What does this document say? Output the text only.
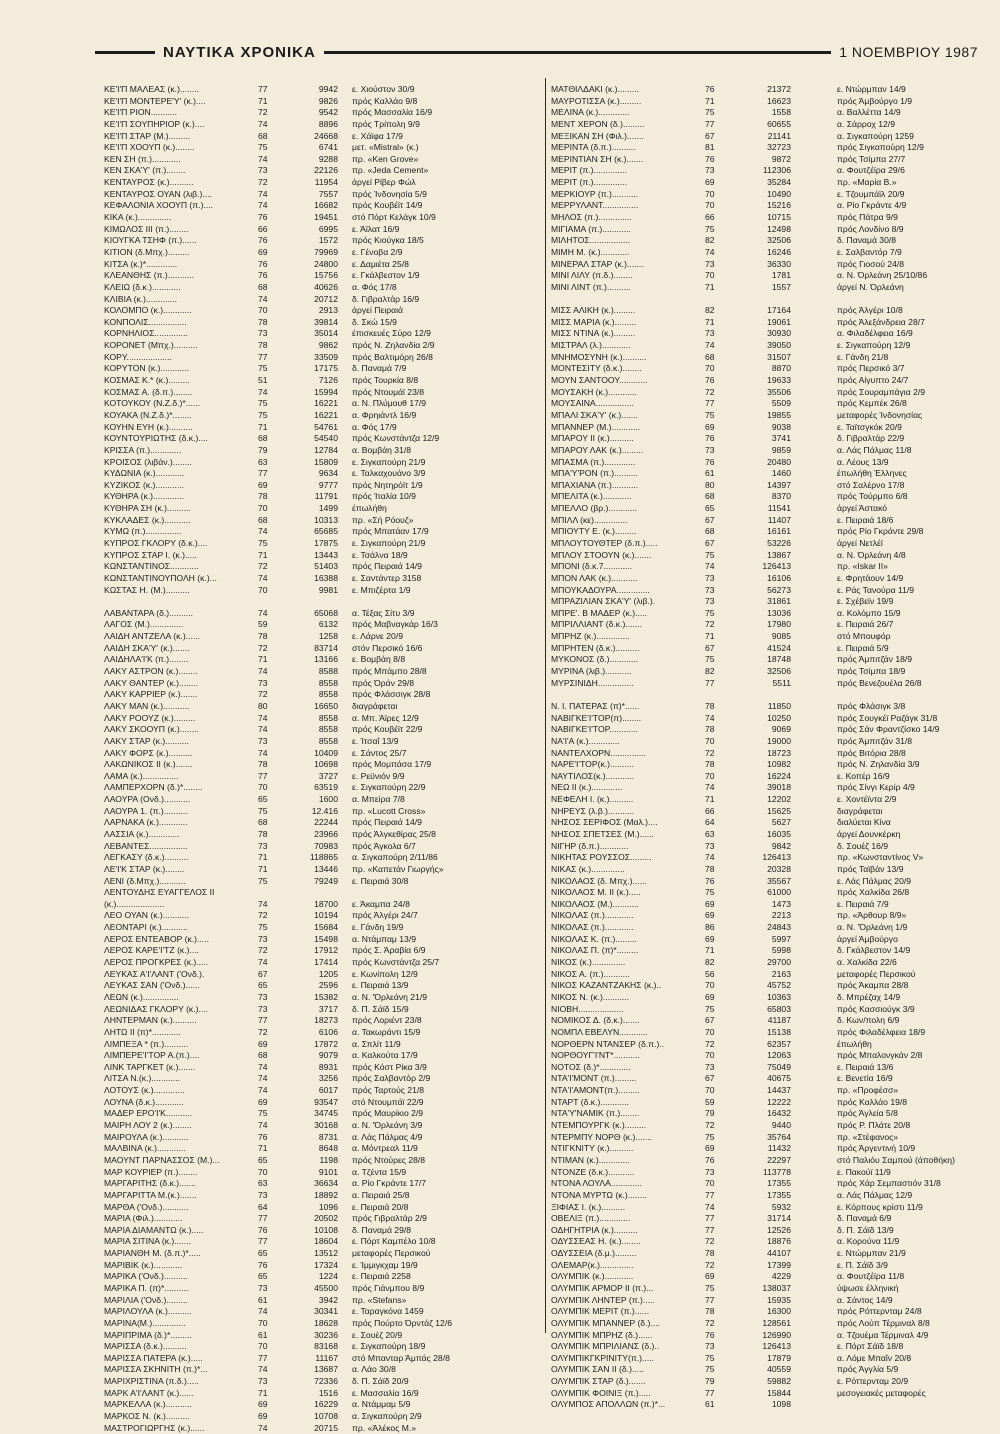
ΝΑΥΤΙΚΑ ΧΡΟΝΙΚΑ	1 ΝΟΕΜΒΡΙΟΥ 1987
ΚΕ'Ι'Π ΜΑΛΕΑΣ (κ.)........	77	9942	ε. Χιούστον 30/9
ΚΕ'Ι'Π ΜΟΝΤΕΡΕ'Υ' (κ.)....	71	9826	πρός Καλλάο 9/8
ΚΕ'Ι'Π ΡΙΟΝ...........	72	9542	πρός Μασσαλία 16/9
ΚΕ'Ι'Π ΣΟΥΠΗΡΙΟΡ (κ.)....	74	8896	πρός Τρίπολη 9/9
ΚΕ'Ι'Π ΣΤΑΡ (Μ.).........	68	24668	ε. Χάϊφα 17/9
ΚΕ'Ι'Π ΧΟΟΥΠ (κ.)........	75	6741	μετ. «Mistral» (κ.)
ΚΕΝ ΣΗ (π.)............	74	9288	πρ. «Ken Grove»
ΚΕΝ ΣΚΑ'Υ' (π.)........	73	22126	πρ. «Jeda Cement»
ΚΕΝΤΑΥΡΟΣ (κ.)..........	72	11954	άργεί Ρίβερ Φώλ
ΚΕΝΤΑΥΡΟΣ ΟΥΑΝ (λιβ.)....	74	7557	πρός Ίνδονησία 5/9
ΚΕΦΑΛΟΝΙΑ ΧΟΟΥΠ (π.)....	74	16682	πρός Κουβέϊτ 14/9
ΚΙΚΑ (κ.)..............	76	19451	στό Πόρτ Κελάγκ 10/9
ΚΙΜΩΛΟΣ ΙΙΙ (π.)........	66	6995	ε. Άϊλατ 16/9
ΚΙΟΥΓΚΑ ΤΣΗΦ (π.)......	76	1572	πρός Κιούγκα 18/5
ΚΙΤΙΟΝ (δ.Μπχ.).........	69	79969	ε. Γένοβα 2/9
ΚΙΤΣΑ (κ.)*.............	76	24800	ε. Δαμιέτα 25/8
ΚΛΕΑΝΘΗΣ (π.)...........	76	15756	ε. Γκάλβεστον 1/9
ΚΛΕΙΩ (δ.κ.)............	68	40626	α. Φός 17/8
ΚΛΙΒΙΑ (κ.).............	74	20712	δ. Γιβραλτάρ 16/9
ΚΟΛΟΜΠΟ (κ.)............	70	2913	άργεί Πειραιά
ΚΟΝΠΟΛΙΣ................	78	39814	δ. Σκώ 15/9
ΚΟΡΝΗΛΙΟΣ..............	73	35014	έπισκευές Σύρο 12/9
ΚΟΡΟΝΕΤ (Μπχ.)..........	78	9862	πρός Ν. Ζηλανδία 2/9
ΚΟΡΥ...................	77	33509	πρός Βαλτιμόρη 26/8
ΚΟΡΥΤΟΝ (κ.)............	75	17175	δ. Παναμά 7/9
ΚΟΣΜΑΣ Κ.* (κ.).........	51	7126	πρός Τουρκία 8/8
ΚΟΣΜΑΣ Α. (δ.π.)........	74	15994	πρός Ντουμάϊ 23/8
ΚΟΤΟΥΚΟΥ (Ν.Ζ.δ.)*......	75	16221	α. Ν. Πλύμουθ 17/9
ΚΟΥΑΚΑ (Ν.Ζ.δ.)*........	75	16221	α. Φρηιάντλ 16/9
ΚΟΥΗΝ ΕΥΗ (κ.)..........	71	54761	α. Φός 17/9
ΚΟΥΝΤΟΥΡΙΩΤΗΣ (δ.κ.)....	68	54540	πρός Κωνστάντζα 12/9
ΚΡΙΣΣΑ (π.).............	79	12784	α. Βομβάη 31/8
ΚΡΟΙΣΟΣ (λιβάν.)........	63	15809	ε. Σιγκαπούρη 21/9
ΚΥΔΩΝΙΑ (κ.)............	77	9634	ε. Ταλκαχουάνο 3/9
ΚΥΖΙΚΟΣ (κ.)............	69	9777	πρός Νητηρόϊτ 1/9
ΚΥΘΗΡΑ (κ.).............	78	11791	πρός Ίταλία 10/9
ΚΥΘΗΡΑ ΣΗ (κ.)..........	70	1499	έπωλήθη
ΚΥΚΛΑΔΕΣ (κ.)...........	68	10313	πρ. «Σή Ρόουζ»
ΚΥΜΩ (π.)...............	74	65685	πρός Μπατάαν 17/9
ΚΥΠΡΟΣ ΓΚΛΟΡΥ (δ.κ.)....	75	17875	ε. Σιγκαπούρη 21/9
ΚΥΠΡΟΣ ΣΤΑΡ Ι. (κ.).....	71	13443	ε. Τσάλνα 18/9
ΚΩΝΣΤΑΝΤΙΝΟΣ............	72	51403	πρός Πειραιά 14/9
ΚΩΝΣΤΑΝΤΙΝΟΥΠΟΛΗ (κ.)...	74	16388	ε. Σαντάντερ 3158
ΚΩΣΤΑΣ Η. (Μ.)..........	70	9981	ε. Μπιζέρτα 1/9
ΛΑΒΑΝΤΑΡΑ (δ.)..........	74	65068	α. Τέξας Σίτυ 3/9
ΛΑΓΟΣ (Μ.)..............	59	6132	πρός Μαβναγκάρ 16/3
ΛΑΙΔΗ ΑΝΤΖΕΛΑ (κ.)......	78	1258	ε. Λάρνε 20/9
ΛΑΙΔΗ ΣΚΑ'Υ' (κ.).......	72	83714	στόν Περσικό 16/6
ΛΑΙΔΗΛΑ'Ι'Κ (π.)........	71	13166	ε. Βομβάη 8/8
ΛΑΚΥ ΑΣΤΡΟΝ (κ.)........	74	8588	πρός Μπάμπο 28/8
ΛΑΚΥ ΘΑΝΤΕΡ (κ.)........	73	8558	πρός Όράν 29/8
ΛΑΚΥ ΚΑΡΡΙΕΡ (κ.).......	72	8558	πρός Φλάσσιγκ 28/8
ΛΑΚΥ ΜΑΝ (κ.)...........	80	16650	διαγράφεται
ΛΑΚΥ ΡΟΟΥΖ (κ.).........	74	8558	α. Μπ. Άϊρες 12/9
ΛΑΚΥ ΣΚΟΟΥΠ (κ.)........	74	8558	πρός Κουβέϊτ 22/9
ΛΑΚΥ ΣΤΑΡ (κ.)..........	73	8558	ε. Ίτσαΐ 13/9
ΛΑΚΥ ΦΟΡΣ (κ.)..........	74	10409	ε. Σάντος 25/7
ΛΑΚΩΝΙΚΟΣ ΙΙ (κ.).......	78	10698	πρός Μομπάσα 17/9
ΛΑΜΑ (κ.)...............	77	3727	ε. Ρεϋνιόν 9/9
ΛΑΜΠΕΡΧΟΡΝ (δ.)*........	70	63519	ε. Σιγκαπούρη 22/9
ΛΑΟΥΡΑ (Ονδ.)...........	65	1600	α. Μπείρα 7/8
ΛΑΟΥΡΑ 1. (π.)..........	75	12.416	πρ. «Lucott Cross»
ΛΑΡΝΑΚΑ (κ.)............	68	22244	πρός Πειραιά 14/9
ΛΑΣΣΙΑ (κ.).............	78	23966	πρός Άλγκεθίρας 25/8
ΛΕΒΑΝΤΕΣ................	73	70983	πρός Άγκολα 6/7
ΛΕΓΚΑΣΥ (δ.κ.)..........	71	118865	α. Σιγκαπούρη 2/11/86
ΛΕ'Ι'Κ ΣΤΑΡ (κ.)........	71	13446	πρ. «Καπετάν Γιωργής»
ΛΕΝΙ (δ.Μπχ.)...........	75	79249	ε. Πειραιά 30/8
ΛΕΝΤΟΥΔΗΣ ΕΥΑΓΓΕΛΟΣ ΙΙ
(κ.)....................	74	18700	ε. Άκαμπα 24/8
ΛΕΟ ΟΥΑΝ (κ.)...........	72	10194	πρός Άλγέρι 24/7
ΛΕΟΝΤΑΡΙ (κ.)...........	75	15684	ε. Γάνδη 19/9
ΛΕΡΟΣ ΕΝΤΕΑΒΟΡ (κ.).....	73	15498	α. Ντάμπαμ 13/9
ΛΕΡΟΣ ΚΑΡΕ'Ι'ΤΖ (κ.)....	72	17912	πρός Σ. Άραβία 6/9
ΛΕΡΟΣ ΠΡΟΓΚΡΕΣ (κ.).....	74	17414	πρός Κωνστάντζα 25/7
ΛΕΥΚΑΣ Α'Ι'ΛΑΝΤ ('Ονδ.).	67	1205	ε. Κωνίπολη 12/9
ΛΕΥΚΑΣ ΣΑΝ ('Ονδ.)......	65	2596	ε. Πειραιά 13/9
ΛΕΩΝ (κ.)...............	73	15382	α. Ν. 'Όρλεάνη 21/9
ΛΕΩΝΙΔΑΣ ΓΚΛΟΡΥ (κ.)....	73	3717	δ. Π. Σάϊδ 15/9
ΛΗΝΤΕΡΜΑΝ (κ.)..........	77	18273	πρός Λοριέντ 23/8
ΛΗΤΩ ΙΙ (π)*............	72	6106	α. Τακωράντι 15/9
ΛΙΜΠΕΞΑ * (π.)..........	69	17872	α. Σπλίτ 11/9
ΛΙΜΠΕΡΕ'Ι'ΤΟΡ Α.(π.)....	68	9079	α. Καλκούτα 17/9
ΛΙΝΚ ΤΑΡΓΚΕΤ (κ.).......	74	8931	πρός Κόστ Ρίκα 3/9
ΛΙΤΣΑ Ν.(κ.)............	74	3256	πρός Σαλβαντόρ 2/9
ΛΟΤΟΥΣ (κ.).............	74	6017	πρός Ταρτούς 21/8
ΛΟΥΝΑ (δ.κ.)............	69	93547	στό Ντουμπάϊ 22/9
ΜΑΔΕΡ ΕΡΟ'Ι'Κ...........	75	34745	πρός Μαυρίκιο 2/9
ΜΑΙΡΗ ΛΟΥ 2 (κ.)........	74	30168	α. Ν. 'Όρλεάνη 3/9
ΜΑΙΡΟΥΛΑ (κ.)...........	76	8731	α. Λάς Πάλμας 4/9
ΜΑΛΒΙΝΑ (κ.)............	71	8648	α. Μόντρεαλ 11/9
ΜΑΟΥΝΤ ΠΑΡΝΑΣΣΟΣ (Μ.)...	65	1198	πρός Ντούρες 28/8
ΜΑΡ ΚΟΥΡΙΕΡ (π.)........	70	9101	α. Τζέντα 15/9
ΜΑΡΓΑΡΙΤΗΣ (δ.κ.).......	63	36634	α. Ρίο Γκράντε 17/7
ΜΑΡΓΑΡΙΤΤΑ Μ.(κ.).......	73	18892	α. Πειραιά 25/8
ΜΑΡΘΑ ('Ονδ.)...........	64	1096	ε. Πειραιά 20/8
ΜΑΡΙΑ (Φιλ.)............	77	20502	πρός Γιβραλτάρ 2/9
ΜΑΡΙΑ ΔΙΑΜΑΝΤΩ (κ.).....	76	10108	δ. Παναμά 29/8
ΜΑΡΙΑ ΣΙΤΙΝΑ (κ.).......	77	18604	ε. Πόρτ Καμπέλο 10/8
ΜΑΡΙΑΝΘΗ Μ. (δ.π.)*.....	65	13512	μεταφορές Περσικού
ΜΑΡΙΒΙΚ (κ.)............	76	17324	ε. Ίμμιγκχαμ 19/9
ΜΑΡΙΚΑ ('Ονδ.)..........	65	1224	ε. Πειραιά 2258
ΜΑΡΙΚΑ Π. (π)*..........	73	45500	πρός Γιάνμπου 8/9
ΜΑΡΙΛΙΑ ('Ονδ.).........	61	3942	πρ. «Stefans»
ΜΑΡΙΛΟΥΛΑ (κ.)..........	74	30341	ε. Ταραγκόνα 1459
ΜΑΡΙΝΑ(Μ.)..............	70	18628	πρός Πούρτο Όρντάζ 12/6
ΜΑΡΙΠΡΙΜΑ (δ.)*.........	61	30236	ε. Σουέζ 20/9
ΜΑΡΙΣΣΑ (δ.κ.)..........	70	83168	ε. Σιγκαπούρη 18/9
ΜΑΡΙΣΣΑ ΠΑΤΕΡΑ (κ.).....	77	11167	στό Μπανταρ Άμπάς 28/8
ΜΑΡΙΣΣΑ ΣΚΗΝΙΤΗ (π.)*...	74	13687	α. Λάο 30/8
ΜΑΡΙΧΡΙΣΤΙΝΑ (π.δ.).....	73	72336	δ. Π. Σάϊδ 20/9
ΜΑΡΚ Α'Ι'ΛΑΝΤ (κ.)......	71	1516	ε. Μασσαλία 16/9
ΜΑΡΚΕΛΛΑ (κ.)...........	69	16229	α. Ντάμμαμ 5/9
ΜΑΡΚΟΣ Ν. (κ.)..........	69	10708	α. Σιγκαπούρη 2/9
ΜΑΣΤΡΟΓΙΩΡΓΗΣ (κ.)......	74	20715	πρ. «Άλέκος Μ.»
ΜΑΤΘΙΛΔΑΚΙ (κ.).........	76	21372	ε. Ντώρμπαν 14/9
ΜΑΥΡΟΤΙΣΣΑ (κ.).........	71	16623	πρός Άμβούργο 1/9
ΜΕΛΙΝΑ (κ.).............	75	1558	α. Βαλλέττα 14/9
ΜΕΝΤ ΧΕΡΟΝ (δ.).........	77	60655	α. Σάρροχ 12/9
ΜΕΞΙΚΑΝ ΣΗ (Φιλ.).......	67	21141	α. Σιγκαπούρη 1259
ΜΕΡΙΝΤΑ (δ.π.)..........	81	32723	πρός Σιγκαπούρη 12/9
ΜΕΡΙΝΤΙΑΝ ΣΗ (κ.).......	76	9872	πρός Τσίμπα 27/7
ΜΕΡΙΤ (π.)..............	73	112306	α. Φουτζέϊρα 29/6
ΜΕΡΙΤ (π.)..............	69	35284	πρ. «Μαρία Β.»
ΜΕΡΚΙΟΥΡ (π.)...........	70	10490	ε. Τζουμπάϊλ 20/9
ΜΕΡΡΥΛΑΝΤ...............	70	15216	α. Ρίο Γκράντε 4/9
ΜΗΛΟΣ (π.)..............	66	10715	πρός Πάτρα 9/9
ΜΙΓΙΑΜΑ (π.)............	75	12498	πρός Λονδίνο 8/9
ΜΙΛΗΤΟΣ.................	82	32506	δ. Παναμά 30/8
ΜΙΜΗ Μ. (κ.)............	74	16246	ε. Σαλβαντόρ 7/9
ΜΙΝΕΡΑΛ ΣΤΑΡ (κ.).......	73	36330	πρός Γιοσού 24/8
ΜΙΝΙ ΛΙΛΥ (π.δ.)........	70	1781	α. Ν. Όρλεάνη 25/10/86
ΜΙΝΙ ΛΙΝΤ (π.)..........	71	1557	άργεί Ν. Όρλεάνη
ΜΙΣΣ ΑΛΙΚΗ (κ.).........	82	17164	πρός Άλγέρι 10/8
ΜΙΣΣ ΜΑΡΙΑ (κ.).........	71	19061	πρός Άλεξάνδρεια 28/7
ΜΙΣΣ ΝΤΙΝΑ (κ.).........	73	30930	α. Φιλαδέλφεια 16/9
ΜΙΣΤΡΑΛ (λ.)............	74	39050	ε. Σιγκαπούρη 12/9
ΜΝΗΜΟΣΥΝΗ (κ.)..........	68	31507	ε. Γάνδη 21/8
ΜΟΝΤΕΣΙΤΥ (δ.κ.)........	70	8870	πρός Περσικό 3/7
ΜΟΥΝ ΣΑΝΤΟΟΥ............	76	19633	πρός Αίγυπτο 24/7
ΜΟΥΣΑΚΗ (κ.)............	72	35506	πρός Σουραμπάγια 2/9
ΜΟΥΣΑΙΝΑ................	77	5509	πρός Κεμπέκ 26/8
ΜΠΑΛΙ ΣΚΑ'Υ' (κ.).......	75	19855	μεταφορές Ίνδονησίας
ΜΠΑΝΝΕΡ (Μ.)............	69	9038	ε. Ταϊτσγκόκ 20/9
ΜΠΑΡΟΥ ΙΙ (κ.)..........	76	3741	δ. Γιβραλτάρ 22/9
ΜΠΑΡΟΥ ΛΑΚ (κ.).........	73	9859	α. Λάς Πάλμας 11/8
ΜΠΑΣΜΑ (π.).............	76	20480	α. Λέους 13/9
ΜΠΑ'Υ'ΡΟΝ (π.)..........	61	1460	έπωλήθη Έλληνες
ΜΠΑΧΙΑΝΑ (π.)...........	80	14397	στό Σαλέρνο 17/8
ΜΠΕΛΙΤΑ (κ.)............	68	8370	πρός Τούρμπο 6/8
ΜΠΕΛΛΟ (βρ.)............	65	11541	άργεί Άστακό
ΜΠΙΛΛ (κε)..............	67	11407	ε. Πειραιά 18/6
ΜΠΙΟΥΤΥ Ε. (κ.).........	68	16161	πρός Ρίο Γκράντε 29/8
ΜΠΛΟΥΤΟΥΘΤΕΡ (δ.π.).....	67	53226	άργεί Νετλέϊ
ΜΠΛΟΥ ΣΤΟΟΥΝ (κ.).......	75	13867	α. Ν. Όρλεάνη 4/8
ΜΠΟΝΙ (δ.κ.7............	74	126413	πρ. «Iskar II»
ΜΠΟΝ ΛΑΚ (κ.)...........	73	16106	ε. Φρητάουν 14/9
ΜΠΟΥΚΑΔΟΥΡΑ..............	73	56273	ε. Ράς Τανούρα 11/9
ΜΠΡΑΖΙΛΙΑΝ ΣΚΑ'Υ' (λιβ.).	73	31861	ε. Σχέβεϊν 19/9
ΜΠΡΕ'. Β ΜΑΔΕΡ (κ.).....	75	13036	α. Κολόμπο 15/9
ΜΠΡΙΛΛΙΑΝΤ (δ.κ.).......	72	17980	ε. Πειραιά 26/7
ΜΠΡΗΖ (κ.)..............	71	9085	στό Μπουφόρ
ΜΠΡΗΤΕΝ (δ.κ.)..........	67	41524	ε. Πειραιά 5/9
ΜΥΚΟΝΟΣ (δ.)............	75	18748	πρός Άμπιτζάν 18/9
ΜΥΡΙΝΑ (λιβ.)...........	82	32506	πρός Τσίμπα 18/9
ΜΥΡΣΙΝΙΔΗ...............	77	5511	πρός Βενεζουέλα 26/8
Ν. Ι. ΠΑΤΕΡΑΣ (π)*......	78	11850	πρός Φλάσιγκ 3/8
ΝΑΒΙΓΚΕ'Ι'ΤΟΡ(π)........	74	10250	πρός Σουγκέϊ Ραζάγκ 31/8
ΝΑΒΙΓΚΕ'Ι'ΤΟΡ............	78	9069	πρός Σάν Φραντζίσκο 14/9
ΝΑ'Ι'Α (κ.).............	70	19000	πρός Άμπιτζάν 31/8
ΝΑΝΤΕΛΧΟΡΝ...............	72	18723	πρός Βιτόρια 28/8
ΝΑΡΕ'Ι'ΤΟΡ(κ.)..........	78	10982	πρός Ν. Ζηλανδία 3/9
ΝΑΥΤΙΛΟΣ(κ.)............	70	16224	ε. Κοπέρ 16/9
ΝΕΩ ΙΙ (κ.).............	74	39018	πρός Σίνγι Κερίρ 4/9
ΝΕΦΕΛΗ Ι. (κ.)..........	71	12202	ε. Χοντέϊντα 2/9
ΝΗΡΕΥΣ (λ.β.)...........	66	15625	διαγράφεται
ΝΗΣΟΣ ΣΕΡΙΦΟΣ (Μαλ.)....	64	5627	διαλύεται Κίνα
ΝΗΣΟΣ ΣΠΕΤΣΕΣ (Μ.)......	63	16035	άργεί Δουνκέρκη
ΝΙΓΗΡ (δ.π.)............	73	9842	δ. Σουέζ 16/9
ΝΙΚΗΤΑΣ ΡΟΥΣΣΟΣ.........	74	126413	πρ. «Κωνσταντίνος V»
ΝΙΚΑΣ (κ.)..............	78	20328	πρός Ταϊβάν 13/9
ΝΙΚΟΛΑΟΣ (δ. Μπχ.)......	76	35567	ε. Λάς Πάλμας 20/9
ΝΙΚΟΛΑΟΣ Μ. ΙΙ (κ.).....	75	61000	πρός Χαλκίδα 26/8
ΝΙΚΟΛΑΟΣ (Μ.)...........	69	1473	ε. Πειραιά 7/9
ΝΙΚΟΛΑΣ (π.)............	69	2213	πρ. «Άρθουρ 8/9»
ΝΙΚΟΛΑΣ (π.)............	86	24843	α. Ν. 'Όρλεάνη 1/9
ΝΙΚΟΛΑΣ Κ. (π.).........	69	5997	άργεί Άμβούργο
ΝΙΚΟΛΑΣ Π. (π)*.........	71	5998	δ. Γκάλβεστον 14/9
ΝΙΚΟΣ (κ.)..............	82	29700	α. Χαλκίδα 22/6
ΝΙΚΟΣ Α. (π.)...........	56	2163	μεταφορές Περσικού
ΝΙΚΟΣ ΚΑΖΑΝΤΖΑΚΗΣ (κ.)..	70	45752	πρός Άκαμπα 28/8
ΝΙΚΟΣ Ν. (κ.)...........	69	10363	δ. Μπρέζαχ 14/9
ΝΙΟΒΗ...................	75	65803	πρός Κασσιούγκ 3/9
ΝΟΜΙΚΟΣ Δ. (δ.κ.).......	67	41187	δ. Κων/πολη 6/9
ΝΟΜΠΛ ΕΒΕΛΥΝ............	70	15138	πρός Φιλαδέλφεια 18/9
ΝΟΡΘΕΡΝ ΝΤΑΝΣΕΡ (δ.π.)..	72	62357	έπωλήθη
ΝΟΡΘΟΥΓ'Ι'ΝΤ*...........	70	12063	πρός Μπαλονγκάν 2/8
ΝΟΤΟΣ (δ.)*.............	73	75049	ε. Πειραιά 13/6
ΝΤΑ'Ι'ΜΟΝΤ (π.).........	67	40675	ε. Βενετία 16/9
ΝΤΑ'Ι'ΑΜΟΝΤ(π.).........	70	14437	πρ. «Προφέσσ»
ΝΤΑΡΤ (δ.κ.)............	59	12222	πρός Καλλάο 19/8
ΝΤΑ'Υ'ΝΑΜΙΚ (π.)........	79	16432	πρός Άγλεία 5/8
ΝΤΕΜΠΟΥΡΓΚ (κ.).........	72	9440	πρός Ρ. Πλάτε 20/8
ΝΤΕΡΜΠΥ ΝΟΡΘ (κ.).......	75	35764	πρ. «Στέφανος»
ΝΤΙΓΚΝΙΤΥ (κ.)..........	69	11432	πρός Άργεντινή 10/9
ΝΤΙΜΑΝ (κ.).............	76	22297	στό Παλιόυ Σαμπού (άποθήκη)
ΝΤΟΝΖΕ (δ.κ.)...........	73	113778	ε. Πακούϊ 11/9
ΝΤΟΝΑ ΛΟΥΛΑ.............	70	17355	πρός Χάρ Σεμπαστιόν 31/8
ΝΤΟΝΑ ΜΥΡΤΩ (κ.)........	77	17355	α. Λάς Πάλμας 12/9
ΞΙΦΙΑΣ Ι. (κ.)..........	74	5932	ε. Κόρπους κρίστι 11/9
ΟΒΕΛΙΞ (π.).............	77	31714	δ. Παναμά 6/9
ΟΔΗΓΗΤΡΙΑ (κ.)..........	77	12526	δ. Π. Σάϊδ 13/9
ΟΔΥΣΣΕΑΣ Η. (κ.)........	72	18876	α. Κορούνα 11/9
ΟΔΥΣΣΕΙΑ (δ.μ.).........	78	44107	ε. Ντώρμπαν 21/9
ΟΛΕΜΑΡ(κ.)..............	72	17399	ε. Π. Σάϊδ 3/9
ΟΛΥΜΠΙΚ (κ.)............	69	4229	α. Φουτζέϊρα 11/8
ΟΛΥΜΠΙΚ ΑΡΜΟΡ ΙΙ (π.)...	75	138037	ύψωσε έλληνική
ΟΛΥΜΠΙΚ ΛΗΝΤΕΡ (π.).....	77	15935	α. Σάντος 14/9
ΟΛΥΜΠΙΚ ΜΕΡΙΤ (π.)......	78	16300	πρός Ρόττερνταμ 24/8
ΟΛΥΜΠΙΚ ΜΠΑΝΝΕΡ (δ.)....	72	128561	πρός Λούπ Τέρμιναλ 8/8
ΟΛΥΜΠΙΚ ΜΠΡΗΖ (δ.)......	76	126990	α. Τζουέμα Τέρμιναλ 4/9
ΟΛΥΜΠΙΚ ΜΠΡΙΛΙΑΝΣ (δ.)..	73	126413	ε. Πόρτ Σάϊδ 18/8
ΟΛΥΜΠΙΚΓΚΡΙΝΙΤΥ(π.).....	75	17879	α. Λόμε Μπαΐν 20/8
ΟΛΥΜΠΙΚ ΣΑΝ ΙΙ (δ.).....	75	40559	πρός Άγγλία 5/9
ΟΛΥΜΠΙΚ ΣΤΑΡ (δ.).......	79	59882	ε. Ρόττερνταμ 20/9
ΟΛΥΜΠΙΚ ΦΟΙΝΙΞ (π.).....	77	15844	μεσογειακές μεταφορές
ΟΛΥΜΠΟΣ ΑΠΟΛΛΩΝ (π.)*...	61	1098
